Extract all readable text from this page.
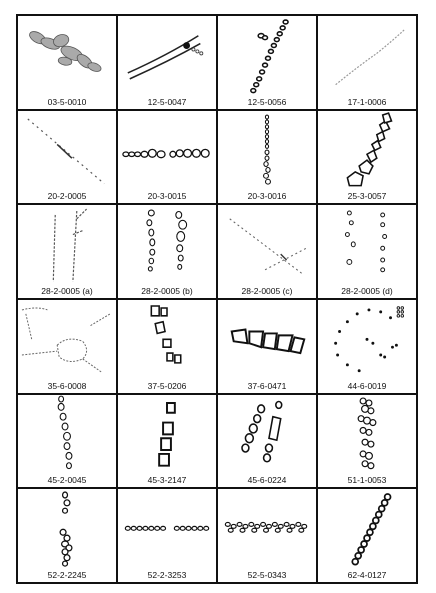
03-5-0010	12-5-0047	12-5-0056	17-1-0006
20-2-0005	20-3-0015	20-3-0016	25-3-0057
28-2-0005 (a)	28-2-0005 (b)	28-2-0005 (c)	28-2-0005 (d)
35-6-0008	37-5-0206	37-6-0471	44-6-0019
45-2-0045	45-3-2147	45-6-0224	51-1-0053
52-2-2245	52-2-3253	52-5-0343	62-4-0127
